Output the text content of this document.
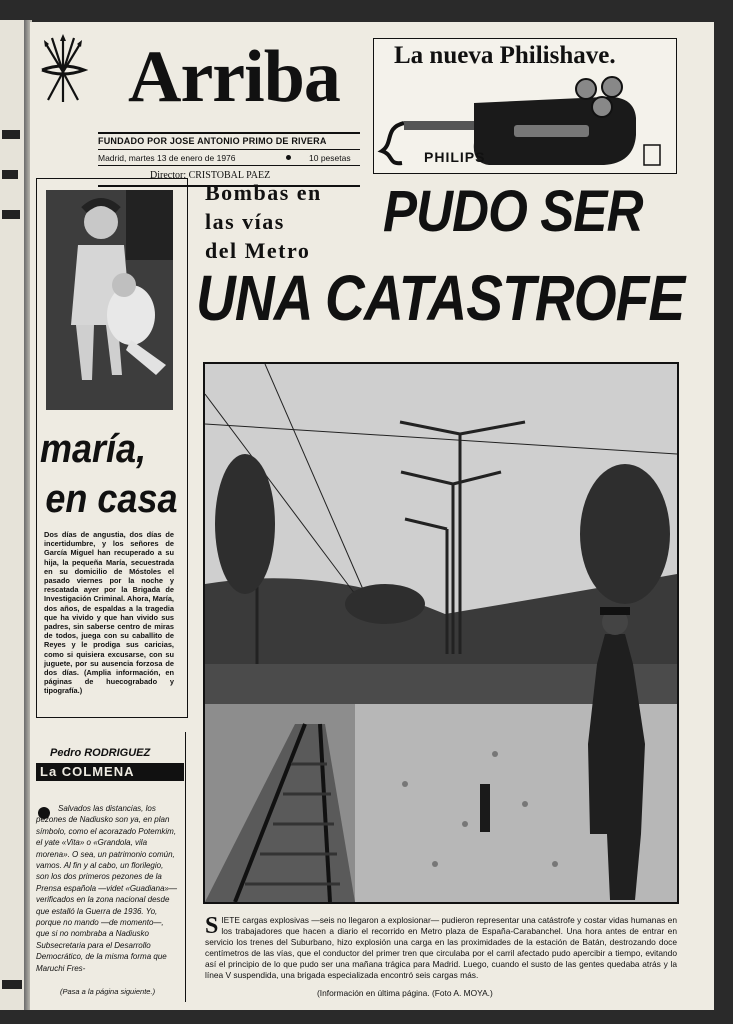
Arriba
FUNDADO POR JOSE ANTONIO PRIMO DE RIVERA
Madrid, martes 13 de enero de 1976	10 pesetas
Director: CRISTOBAL PAEZ
La nueva Philishave.
PHILIPS
Bombas en
las vías
del Metro
PUDO SER
UNA CATASTROFE
maría,
en casa
Dos días de angustia, dos días de incertidumbre, y los señores de García Miguel han recuperado a su hija, la pequeña María, secuestrada en su domicilio de Móstoles el pasado viernes por la noche y rescatada ayer por la Brigada de Investigación Criminal. Ahora, María, dos años, de espaldas a la tragedia que ha vivido y que han vivido sus padres, sin saberse centro de miras de todos, juega con su caballito de Reyes y le prodiga sus caricias, como si quisiera excusarse, con su juguete, por su ausencia forzosa de dos días. (Amplia información, en páginas de huecograbado y tipografía.)
Pedro RODRIGUEZ
La COLMENA
Salvados las distancias, los pezones de Nadiusko son ya, en plan símbolo, como el acorazado Potemkim, el yate «Vita» o «Grandola, vila morena». O sea, un patrimonio común, vamos. Al fin y al cabo, un florilegio, son los dos primeros pezones de la Prensa española —videt «Guadiana»— verificados en la zona nacional desde que estalló la Guerra de 1936. Yo, porque no mando —de momento—, que si no nombraba a Nadiusko Subsecretaria para el Desarrollo Democrático, de la misma forma que Maruchi Fres-
(Pasa a la página siguiente.)
SIETE cargas explosivas —seis no llegaron a explosionar— pudieron representar una catástrofe y costar vidas humanas en los trabajadores que hacen a diario el recorrido en Metro plaza de España-Carabanchel. Una hora antes de entrar en servicio los trenes del Suburbano, hizo explosión una carga en las proximidades de la estación de Batán, destrozando doce centímetros de las vías, que el conductor del primer tren que circulaba por el carril afectado pudo apercibir a tiempo, evitando así el principio de lo que pudo ser una mañana trágica para Madrid. Luego, cuando el susto de las gentes quedaba atrás y la línea V suspendida, una brigada especializada encontró seis cargas más.
(Información en última página. (Foto A. MOYA.)
